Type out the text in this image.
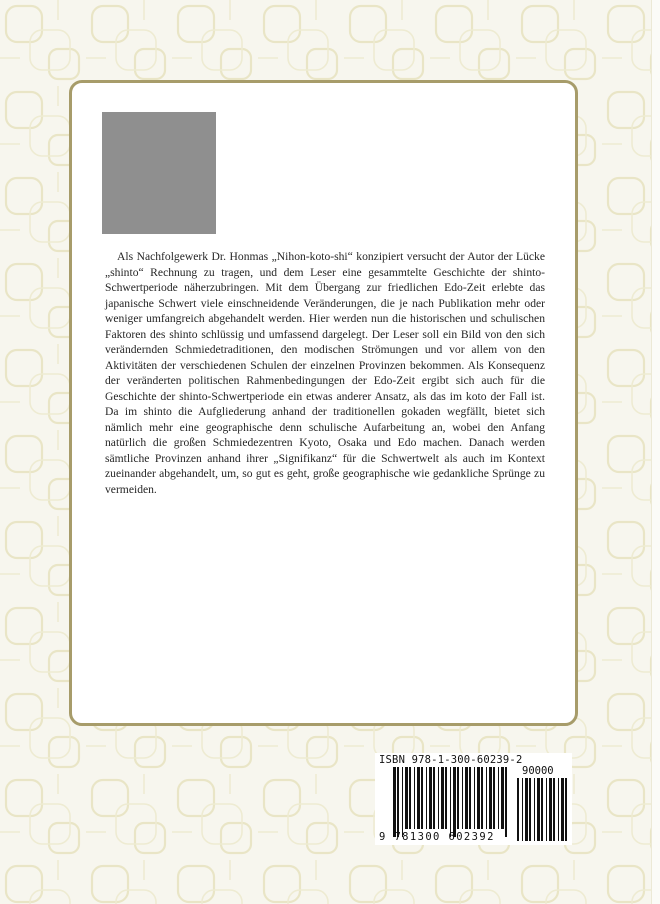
Als Nachfolgewerk Dr. Honmas „Nihon-koto-shi“ konzipiert versucht der Autor der Lücke „shinto“ Rechnung zu tragen, und dem Leser eine gesammtelte Geschichte der shinto-Schwertperiode näherzubringen. Mit dem Übergang zur friedlichen Edo-Zeit erlebte das japanische Schwert viele einschneidende Veränderungen, die je nach Publikation mehr oder weniger umfangreich abgehandelt werden. Hier werden nun die historischen und schulischen Faktoren des shinto schlüssig und umfassend dargelegt. Der Leser soll ein Bild von den sich verändernden Schmiedetraditionen, den modischen Strömungen und vor allem von den Aktivitäten der verschiedenen Schulen der einzelnen Provinzen bekommen. Als Konsequenz der veränderten politischen Rahmenbedingungen der Edo-Zeit ergibt sich auch für die Geschichte der shinto-Schwertperiode ein etwas anderer Ansatz, als das im koto der Fall ist. Da im shinto die Aufgliederung anhand der traditionellen gokaden wegfällt, bietet sich nämlich mehr eine geographische denn schulische Aufarbeitung an, wobei den Anfang natürlich die großen Schmiedezentren Kyoto, Osaka und Edo machen. Danach werden sämtliche Provinzen anhand ihrer „Signifikanz“ für die Schwertwelt als auch im Kontext zueinander abgehandelt, um, so gut es geht, große geographische wie gedankliche Sprünge zu vermeiden.

ISBN 978-1-300-60239-2
90000
9 781300 602392
